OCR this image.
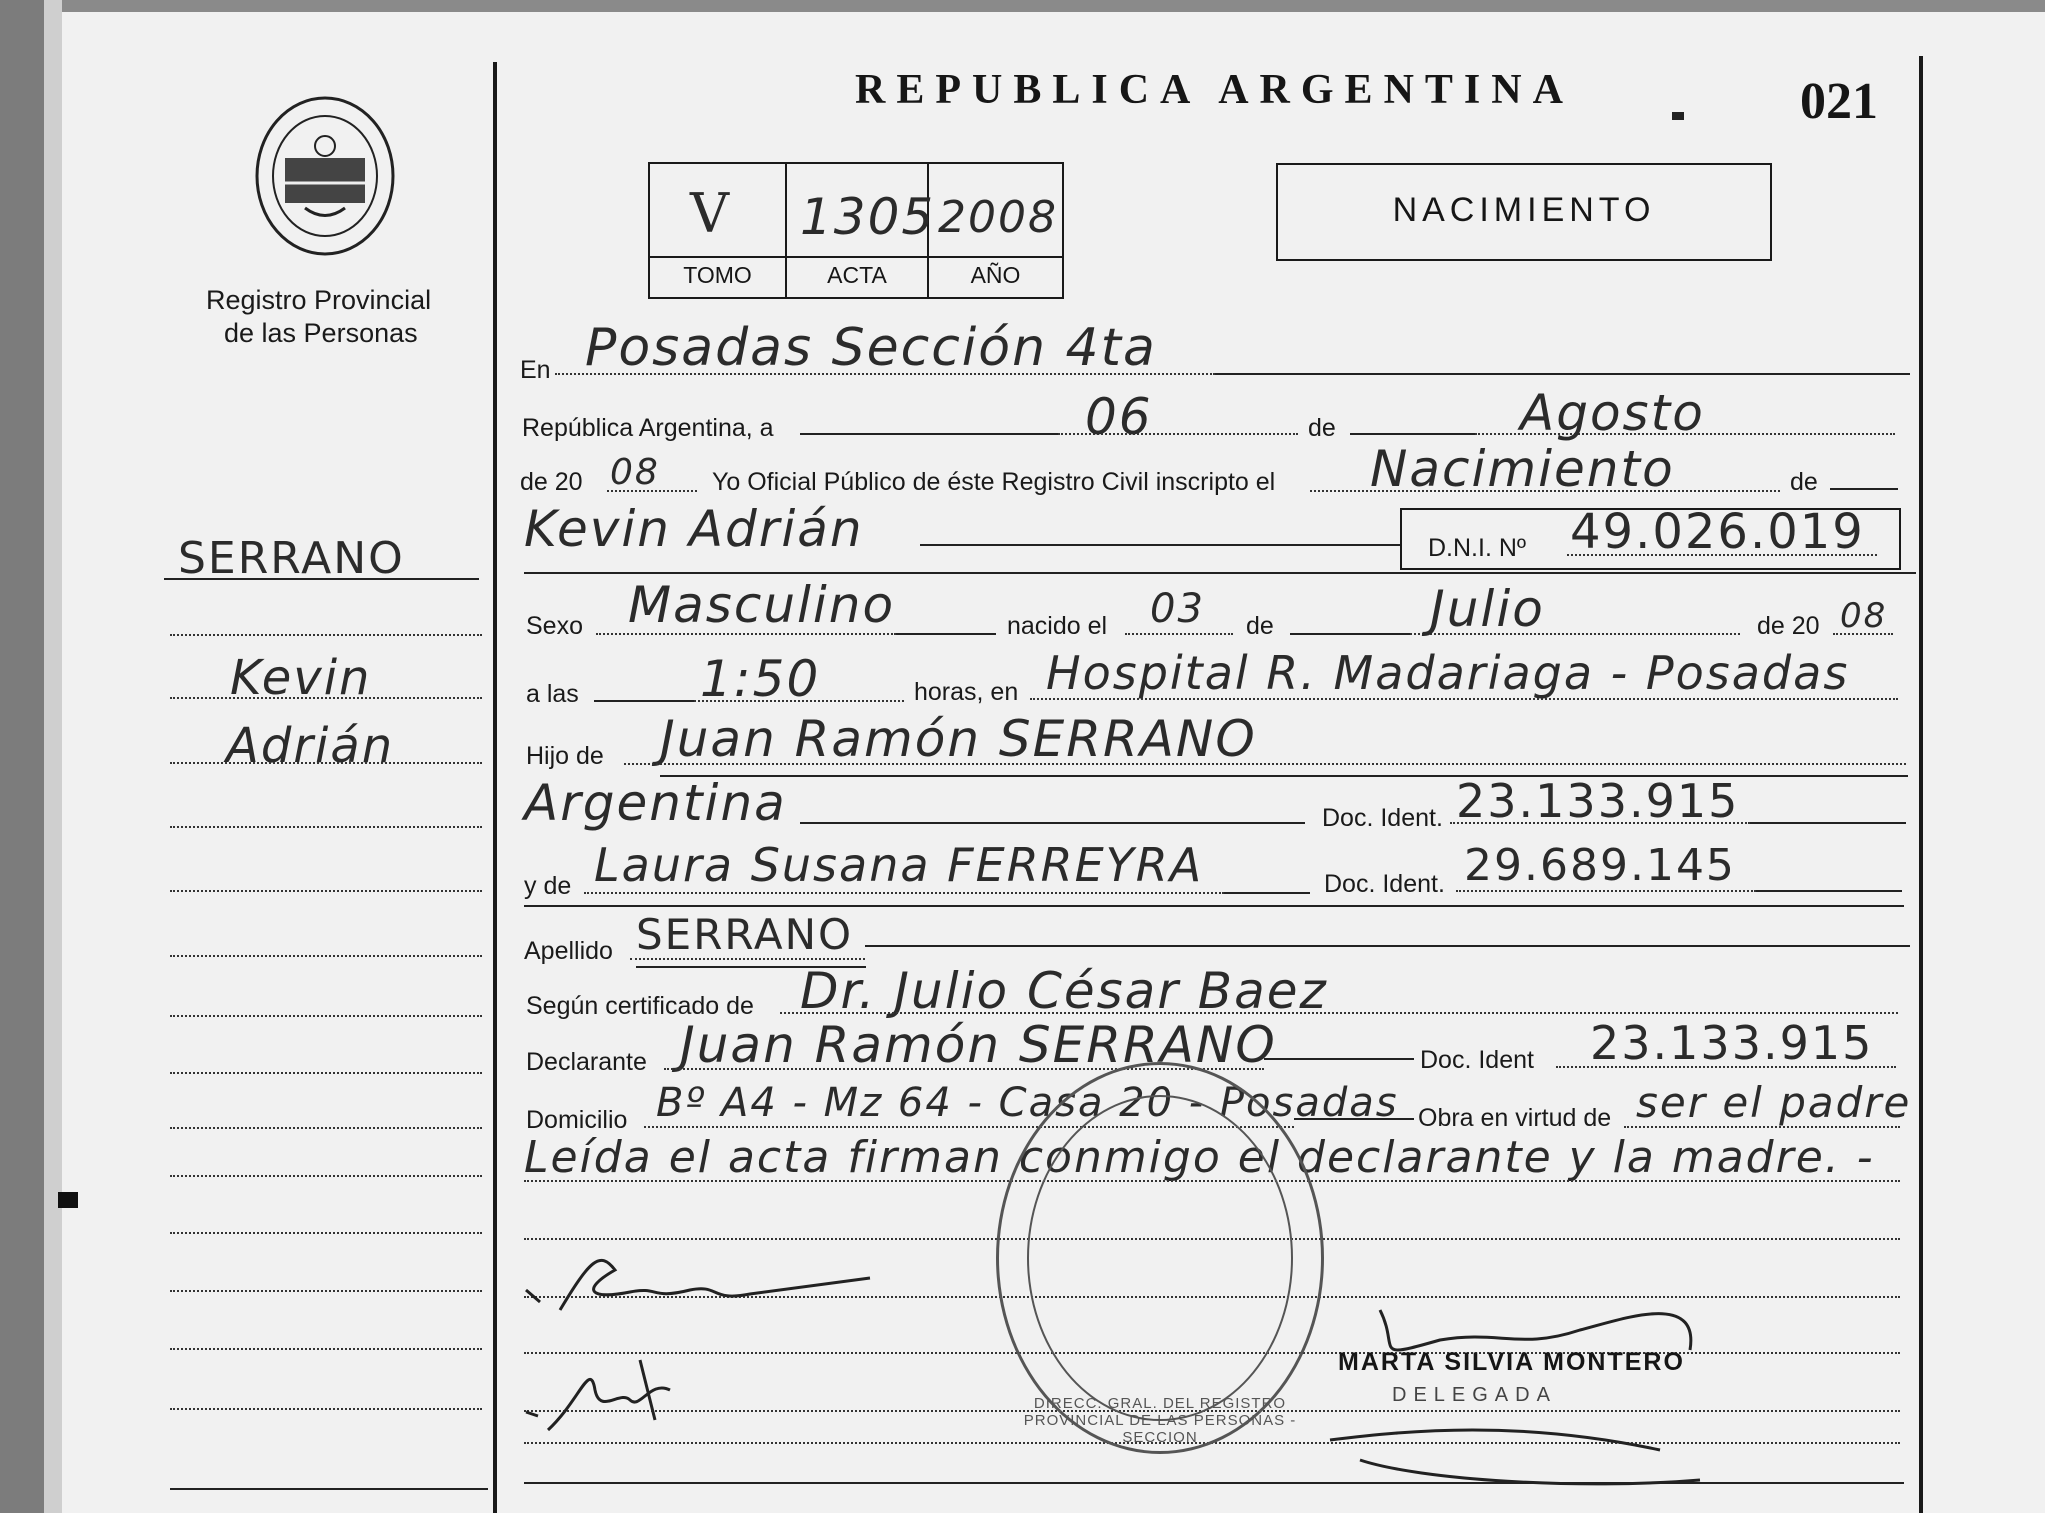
REPUBLICA ARGENTINA	021
Registro Provincial
de las Personas
V 1305 2008
TOMO	ACTA	AÑO
NACIMIENTO
SERRANO
Kevin
Adrián
En Posadas Sección 4ta
República Argentina, a	06	de	Agosto
de 20 08 Yo Oficial Público de éste Registro Civil inscripto el Nacimiento	de
Kevin Adrián	D.N.I. Nº 49.026.019
Sexo Masculino	nacido el 03 de	Julio	de 20 08
a las 1:50	horas, en Hospital R. Madariaga - Posadas
Hijo de Juan Ramón SERRANO
Argentina	Doc. Ident. 23.133.915
y de Laura Susana FERREYRA	Doc. Ident. 29.689.145
Apellido SERRANO
Según certificado de Dr. Julio César Baez
Declarante Juan Ramón SERRANO	Doc. Ident 23.133.915
Domicilio Bº A4 - Mz 64 - Casa 20 - Posadas Obra en virtud de ser el padre
Leída el acta firman conmigo el declarante y la madre. -
MARTA SILVIA MONTERO
DELEGADA
DIRECC. GRAL. DEL REGISTRO PROVINCIAL DE LAS PERSONAS - SECCION
